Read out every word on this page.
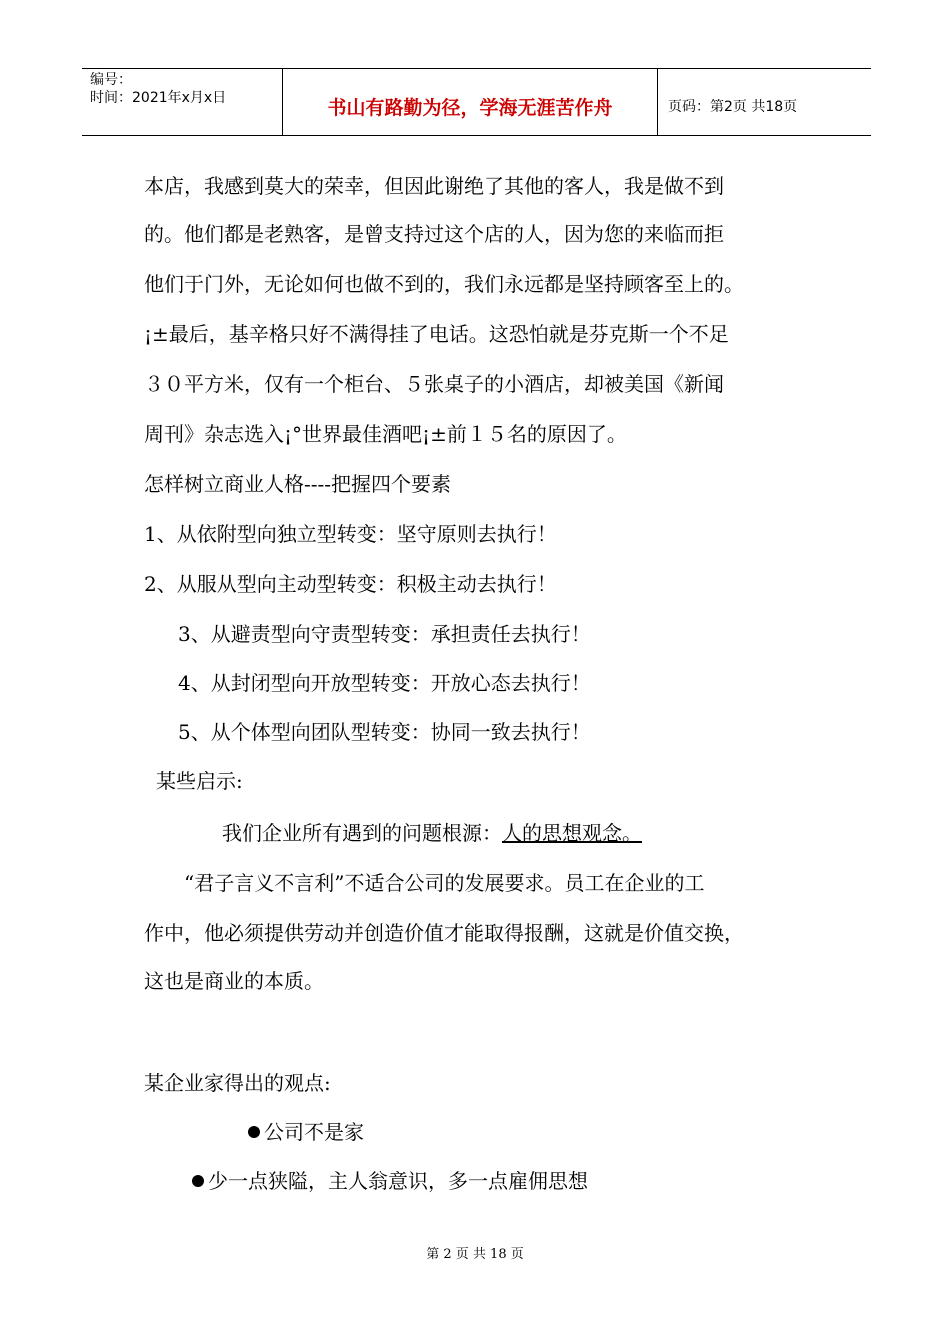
编号：
时间：2021年x月x日	书山有路勤为径，学海无涯苦作舟	页码：第2页 共18页
本店，我感到莫大的荣幸，但因此谢绝了其他的客人，我是做不到
的。他们都是老熟客，是曾支持过这个店的人，因为您的来临而拒
他们于门外，无论如何也做不到的，我们永远都是坚持顾客至上的。
¡±最后，基辛格只好不满得挂了电话。这恐怕就是芬克斯一个不足
３０平方米，仅有一个柜台、５张桌子的小酒店，却被美国《新闻
周刊》杂志选入¡°世界最佳酒吧¡±前１５名的原因了。
怎样树立商业人格----把握四个要素
1、从依附型向独立型转变：坚守原则去执行！
2、从服从型向主动型转变：积极主动去执行！
3、从避责型向守责型转变：承担责任去执行！
4、从封闭型向开放型转变：开放心态去执行！
5、从个体型向团队型转变：协同一致去执行！
某些启示:
我们企业所有遇到的问题根源：人的思想观念。
“君子言义不言利”不适合公司的发展要求。员工在企业的工
作中，他必须提供劳动并创造价值才能取得报酬，这就是价值交换，
这也是商业的本质。
某企业家得出的观点:
公司不是家
少一点狭隘，主人翁意识，多一点雇佣思想
第 2 页 共 18 页
